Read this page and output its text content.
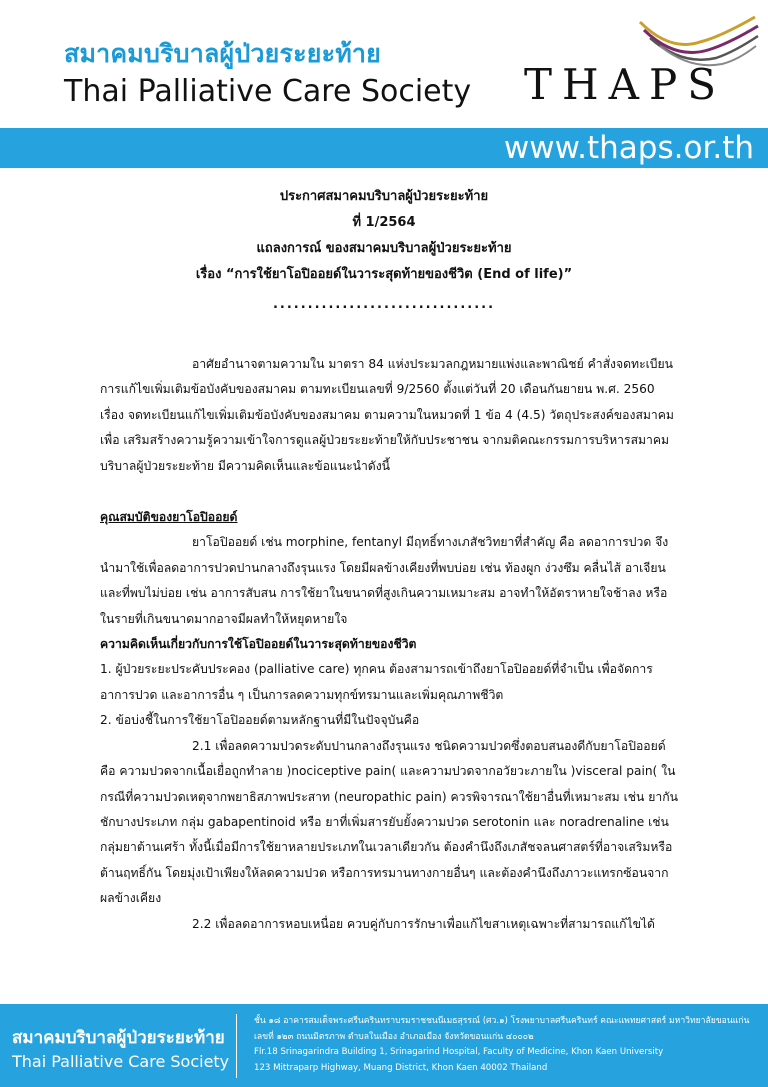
สมาคมบริบาลผู้ป่วยระยะท้าย
Thai Palliative Care Society THAPS
www.thaps.or.th
ประกาศสมาคมบริบาลผู้ป่วยระยะท้าย
ที่ 1/2564
แถลงการณ์ ของสมาคมบริบาลผู้ป่วยระยะท้าย
เรื่อง “การใช้ยาโอปิออยด์ในวาระสุดท้ายของชีวิต (End of life)”
................................

อาศัยอำนาจตามความใน มาตรา 84 แห่งประมวลกฎหมายแพ่งและพาณิชย์ คำสั่งจดทะเบียนการแก้ไขเพิ่มเติมข้อบังคับของสมาคม ตามทะเบียนเลขที่ 9/2560 ตั้งแต่วันที่ 20 เดือนกันยายน พ.ศ. 2560 เรื่อง จดทะเบียนแก้ไขเพิ่มเติมข้อบังคับของสมาคม ตามความในหมวดที่ 1 ข้อ 4 (4.5) วัตถุประสงค์ของสมาคม เพื่อ เสริมสร้างความรู้ความเข้าใจการดูแลผู้ป่วยระยะท้ายให้กับประชาชน จากมติคณะกรรมการบริหารสมาคมบริบาลผู้ป่วยระยะท้าย มีความคิดเห็นและข้อแนะนำดังนี้

คุณสมบัติของยาโอปิออยด์

ยาโอปิออยด์ เช่น morphine, fentanyl มีฤทธิ์ทางเภสัชวิทยาที่สำคัญ คือ ลดอาการปวด จึงนำมาใช้เพื่อลดอาการปวดปานกลางถึงรุนแรง โดยมีผลข้างเคียงที่พบบ่อย เช่น ท้องผูก ง่วงซึม คลื่นไส้ อาเจียน และที่พบไม่บ่อย เช่น อาการสับสน การใช้ยาในขนาดที่สูงเกินความเหมาะสม อาจทำให้อัตราหายใจช้าลง หรือในรายที่เกินขนาดมากอาจมีผลทำให้หยุดหายใจ

ความคิดเห็นเกี่ยวกับการใช้โอปิออยด์ในวาระสุดท้ายของชีวิต

1. ผู้ป่วยระยะประคับประคอง (palliative care) ทุกคน ต้องสามารถเข้าถึงยาโอปิออยด์ที่จำเป็น เพื่อจัดการอาการปวด และอาการอื่น ๆ เป็นการลดความทุกข์ทรมานและเพิ่มคุณภาพชีวิต

2. ข้อบ่งชี้ในการใช้ยาโอปิออยด์ตามหลักฐานที่มีในปัจจุบันคือ

2.1 เพื่อลดความปวดระดับปานกลางถึงรุนแรง ชนิดความปวดซึ่งตอบสนองดีกับยาโอปิออยด์ คือ ความปวดจากเนื้อเยื่อถูกทำลาย )nociceptive pain( และความปวดจากอวัยวะภายใน )visceral pain( ในกรณีที่ความปวดเหตุจากพยาธิสภาพประสาท (neuropathic pain) ควรพิจารณาใช้ยาอื่นที่เหมาะสม เช่น ยากันชักบางประเภท กลุ่ม gabapentinoid หรือ ยาที่เพิ่มสารยับยั้งความปวด serotonin และ noradrenaline เช่น กลุ่มยาต้านเศร้า ทั้งนี้เมื่อมีการใช้ยาหลายประเภทในเวลาเดียวกัน ต้องคำนึงถึงเภสัชจลนศาสตร์ที่อาจเสริมหรือต้านฤทธิ์กัน โดยมุ่งเป้าเพียงให้ลดความปวด หรือการทรมานทางกายอื่นๆ และต้องคำนึงถึงภาวะแทรกซ้อนจากผลข้างเคียง

2.2 เพื่อลดอาการหอบเหนื่อย ควบคู่กับการรักษาเพื่อแก้ไขสาเหตุเฉพาะที่สามารถแก้ไขได้

สมาคมบริบาลผู้ป่วยระยะท้าย
Thai Palliative Care Society
ชั้น ๑๘ อาคารสมเด็จพระศรีนครินทราบรมราชชนนีเมธสุรรณ์ (ศว.๑) โรงพยาบาลศรีนครินทร์ คณะแพทยศาสตร์ มหาวิทยาลัยขอนแก่น
เลขที่ ๑๒๓ ถนนมิตรภาพ ตำบลในเมือง อำเภอเมือง จังหวัดขอนแก่น ๔๐๐๐๒
Flr.18 Srinagarindra Building 1, Srinagarind Hospital, Faculty of Medicine, Khon Kaen University
123 Mittraparp Highway, Muang District, Khon Kaen 40002 Thailand
